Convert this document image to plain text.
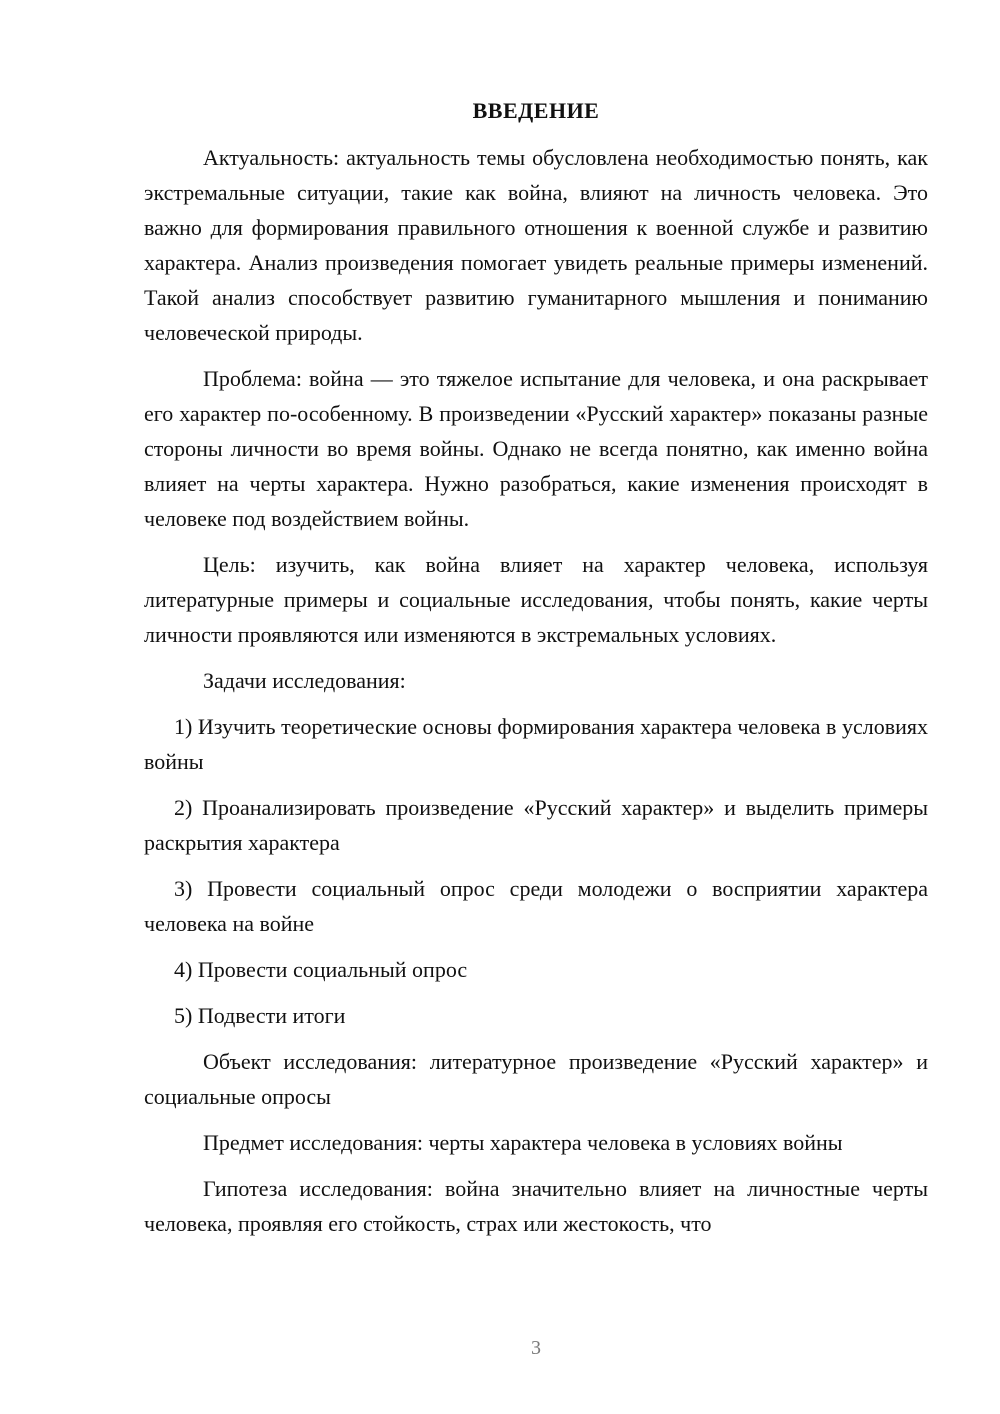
ВВЕДЕНИЕ

Актуальность: актуальность темы обусловлена необходимостью понять, как экстремальные ситуации, такие как война, влияют на личность человека. Это важно для формирования правильного отношения к военной службе и развитию характера. Анализ произведения помогает увидеть реальные примеры изменений. Такой анализ способствует развитию гуманитарного мышления и пониманию человеческой природы.

Проблема: война — это тяжелое испытание для человека, и она раскрывает его характер по-особенному. В произведении «Русский характер» показаны разные стороны личности во время войны. Однако не всегда понятно, как именно война влияет на черты характера. Нужно разобраться, какие изменения происходят в человеке под воздействием войны.

Цель: изучить, как война влияет на характер человека, используя литературные примеры и социальные исследования, чтобы понять, какие черты личности проявляются или изменяются в экстремальных условиях.

Задачи исследования:

1) Изучить теоретические основы формирования характера человека в условиях войны

2) Проанализировать произведение «Русский характер» и выделить примеры раскрытия характера

3) Провести социальный опрос среди молодежи о восприятии характера человека на войне

4) Провести социальный опрос

5) Подвести итоги

Объект исследования: литературное произведение «Русский характер» и социальные опросы

Предмет исследования: черты характера человека в условиях войны

Гипотеза исследования: война значительно влияет на личностные черты человека, проявляя его стойкость, страх или жестокость, что

3
